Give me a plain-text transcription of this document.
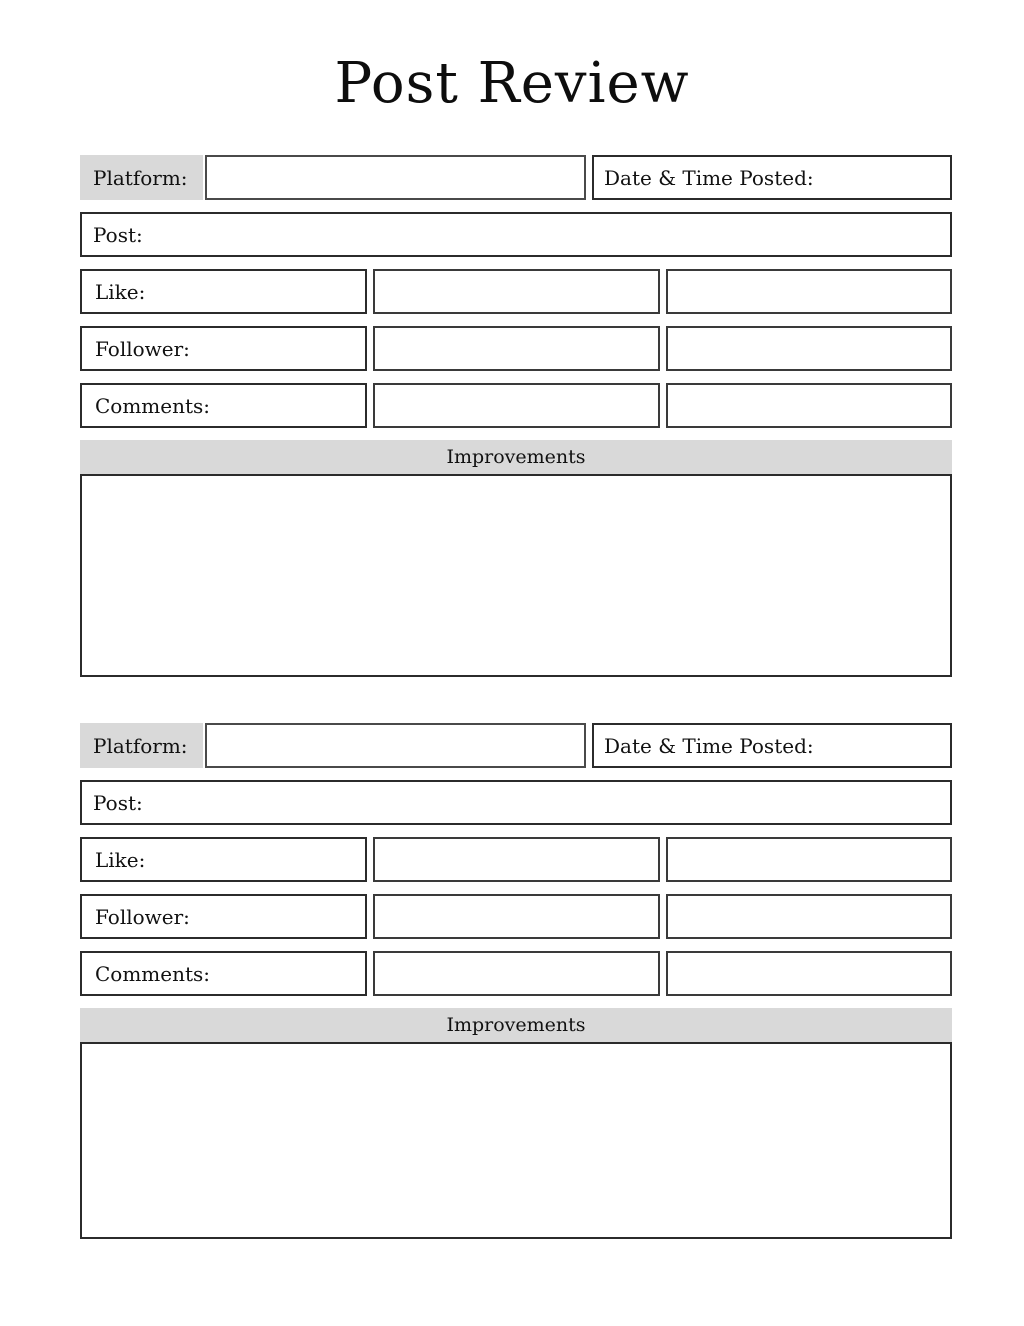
Post Review
Platform:	Date & Time Posted:
Post:
Like:
Follower:
Comments:
Improvements
Platform:	Date & Time Posted:
Post:
Like:
Follower:
Comments:
Improvements
